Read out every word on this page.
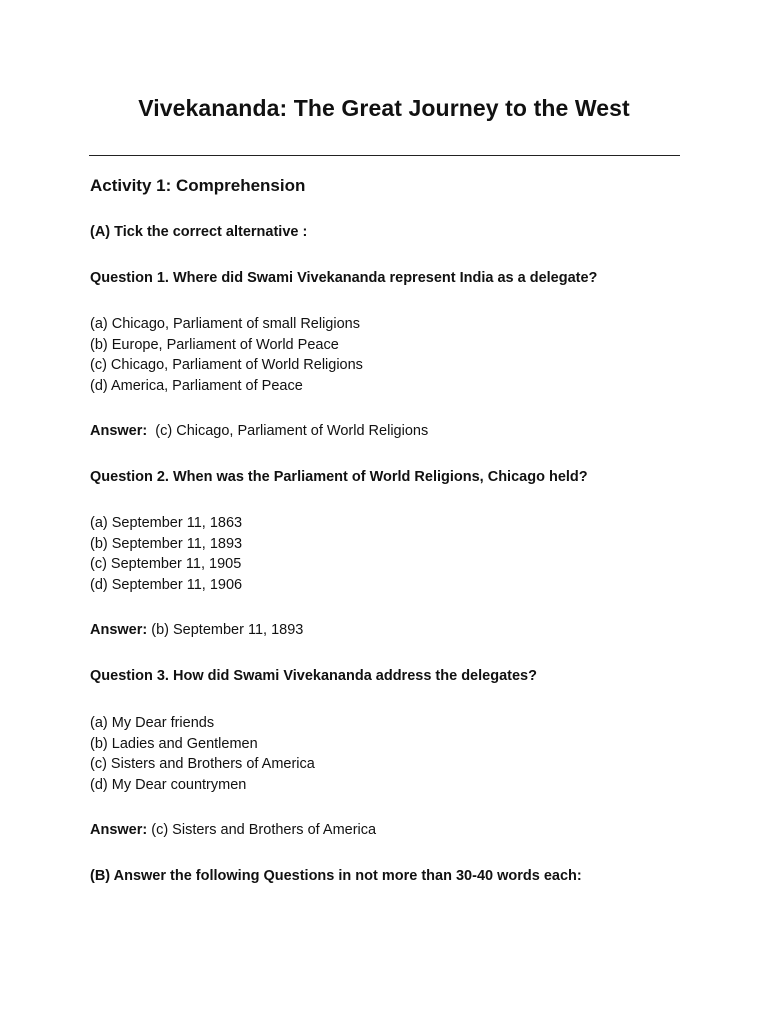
Vivekananda: The Great Journey to the West
Activity 1: Comprehension
(A) Tick the correct alternative :
Question 1. Where did Swami Vivekananda represent India as a delegate?
(a) Chicago, Parliament of small Religions
(b) Europe, Parliament of World Peace
(c) Chicago, Parliament of World Religions
(d) America, Parliament of Peace
Answer: (c) Chicago, Parliament of World Religions
Question 2. When was the Parliament of World Religions, Chicago held?
(a) September 11, 1863
(b) September 11, 1893
(c) September 11, 1905
(d) September 11, 1906
Answer: (b) September 11, 1893
Question 3. How did Swami Vivekananda address the delegates?
(a) My Dear friends
(b) Ladies and Gentlemen
(c) Sisters and Brothers of America
(d) My Dear countrymen
Answer: (c) Sisters and Brothers of America
(B) Answer the following Questions in not more than 30-40 words each:
